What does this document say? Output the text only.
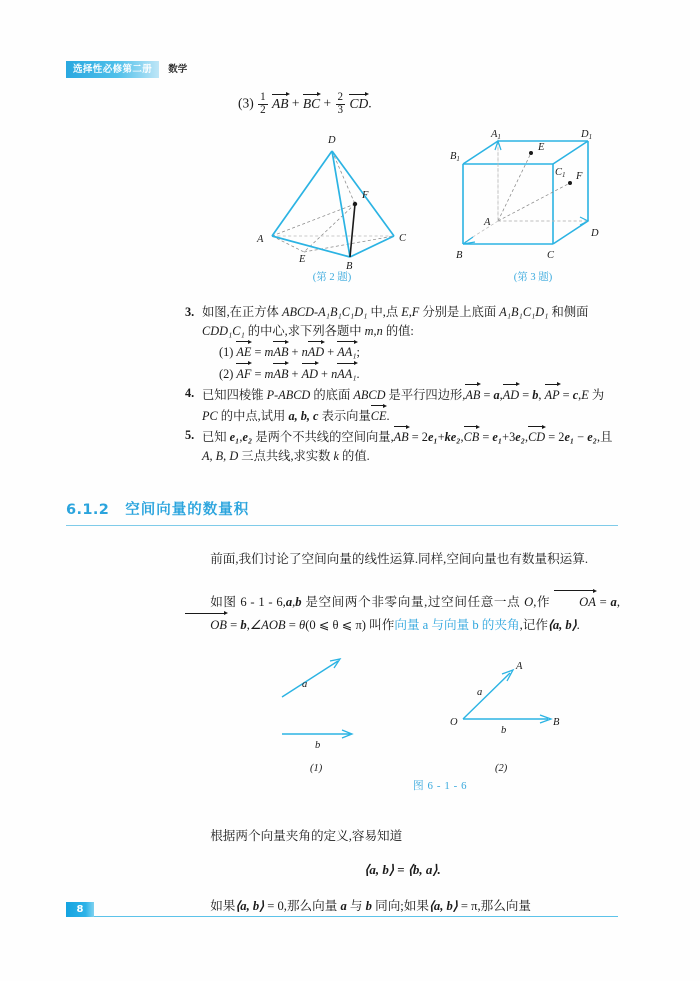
选择性必修第二册	数学
$(3) \frac{1}{2}$ AB + BC + $\frac{2}{3}$ CD.
D
F
A	C
E
B
(第 2 题)
A1	D1
B1
C1
E
F
A
D
B	C
(第 3 题)
3. 如图,在正方体 ABCD-A₁B₁C₁D₁ 中,点 E,F 分别是上底面 A₁B₁C₁D₁ 和侧面 CDD₁C₁ 的中心,求下列各题中 m,n 的值:
(1) AE = mAB + nAD + AA₁;
(2) AF = mAB + AD + nAA₁.
4. 已知四棱锥 P-ABCD 的底面 ABCD 是平行四边形,AB = a,AD = b, AP = c,E 为 PC 的中点,试用 a, b, c 表示向量CE.
5. 已知 e₁,e₂ 是两个不共线的空间向量,AB = 2e₁+ke₂,CB = e₁+3e₂,CD = 2e₁ − e₂,且 A, B, D 三点共线,求实数 k 的值.
6.1.2 空间向量的数量积
前面,我们讨论了空间向量的线性运算.同样,空间向量也有数量积运算.
如图 6 - 1 - 6,a,b 是空间两个非零向量,过空间任意一点 O,作 OA = a,OB = b,∠AOB = θ(0 ⩽ θ ⩽ π) 叫作向量 a 与向量 b 的夹角,记作⟨a, b⟩.
a
b
a
b
O
A
B
(1)	(2)
图 6 - 1 - 6
根据两个向量夹角的定义,容易知道
⟨a, b⟩ = ⟨b, a⟩.
如果⟨a, b⟩ = 0,那么向量 a 与 b 同向;如果⟨a, b⟩ = π,那么向量
8
